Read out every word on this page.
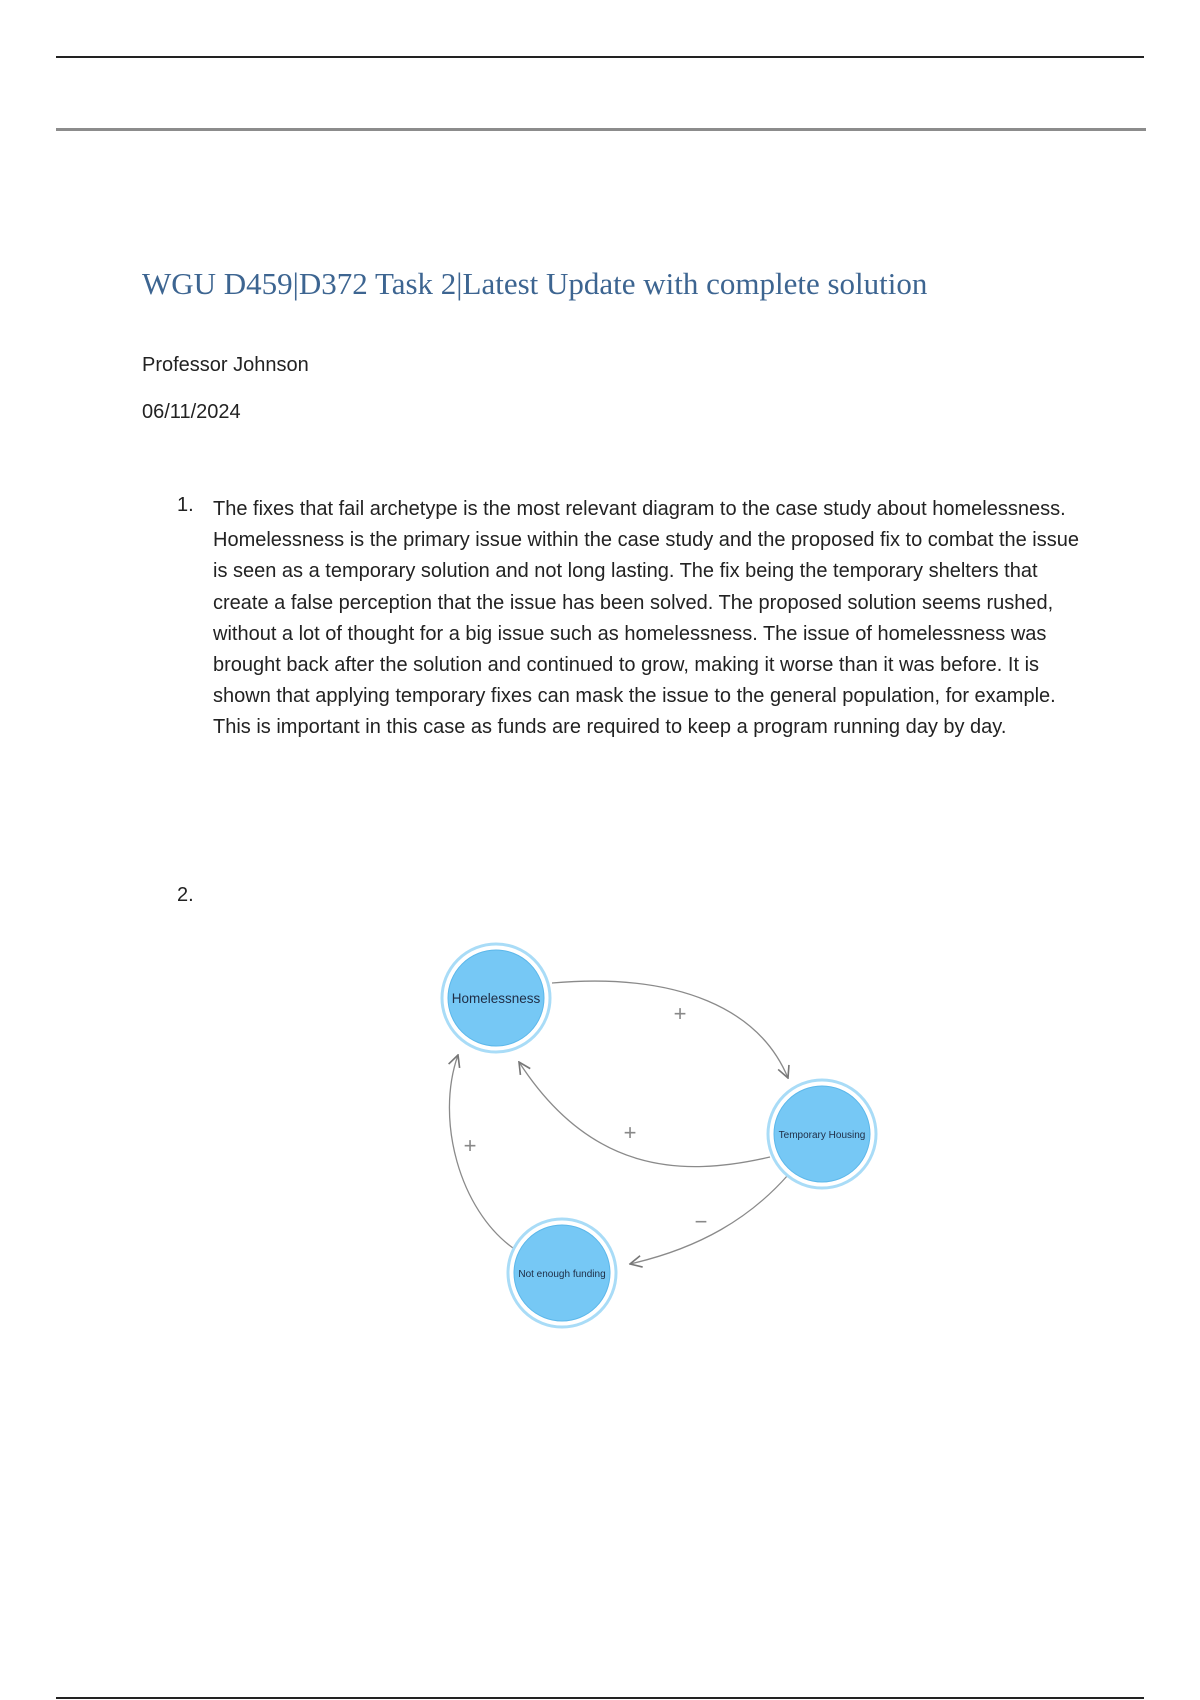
WGU D459|D372 Task 2|Latest Update with complete solution
Professor Johnson
06/11/2024
1. The fixes that fail archetype is the most relevant diagram to the case study about homelessness. Homelessness is the primary issue within the case study and the proposed fix to combat the issue is seen as a temporary solution and not long lasting. The fix being the temporary shelters that create a false perception that the issue has been solved. The proposed solution seems rushed, without a lot of thought for a big issue such as homelessness. The issue of homelessness was brought back after the solution and continued to grow, making it worse than it was before. It is shown that applying temporary fixes can mask the issue to the general population, for example. This is important in this case as funds are required to keep a program running day by day.

2.
+
+
−
+
Homelessness
Temporary Housing
Not enough funding
